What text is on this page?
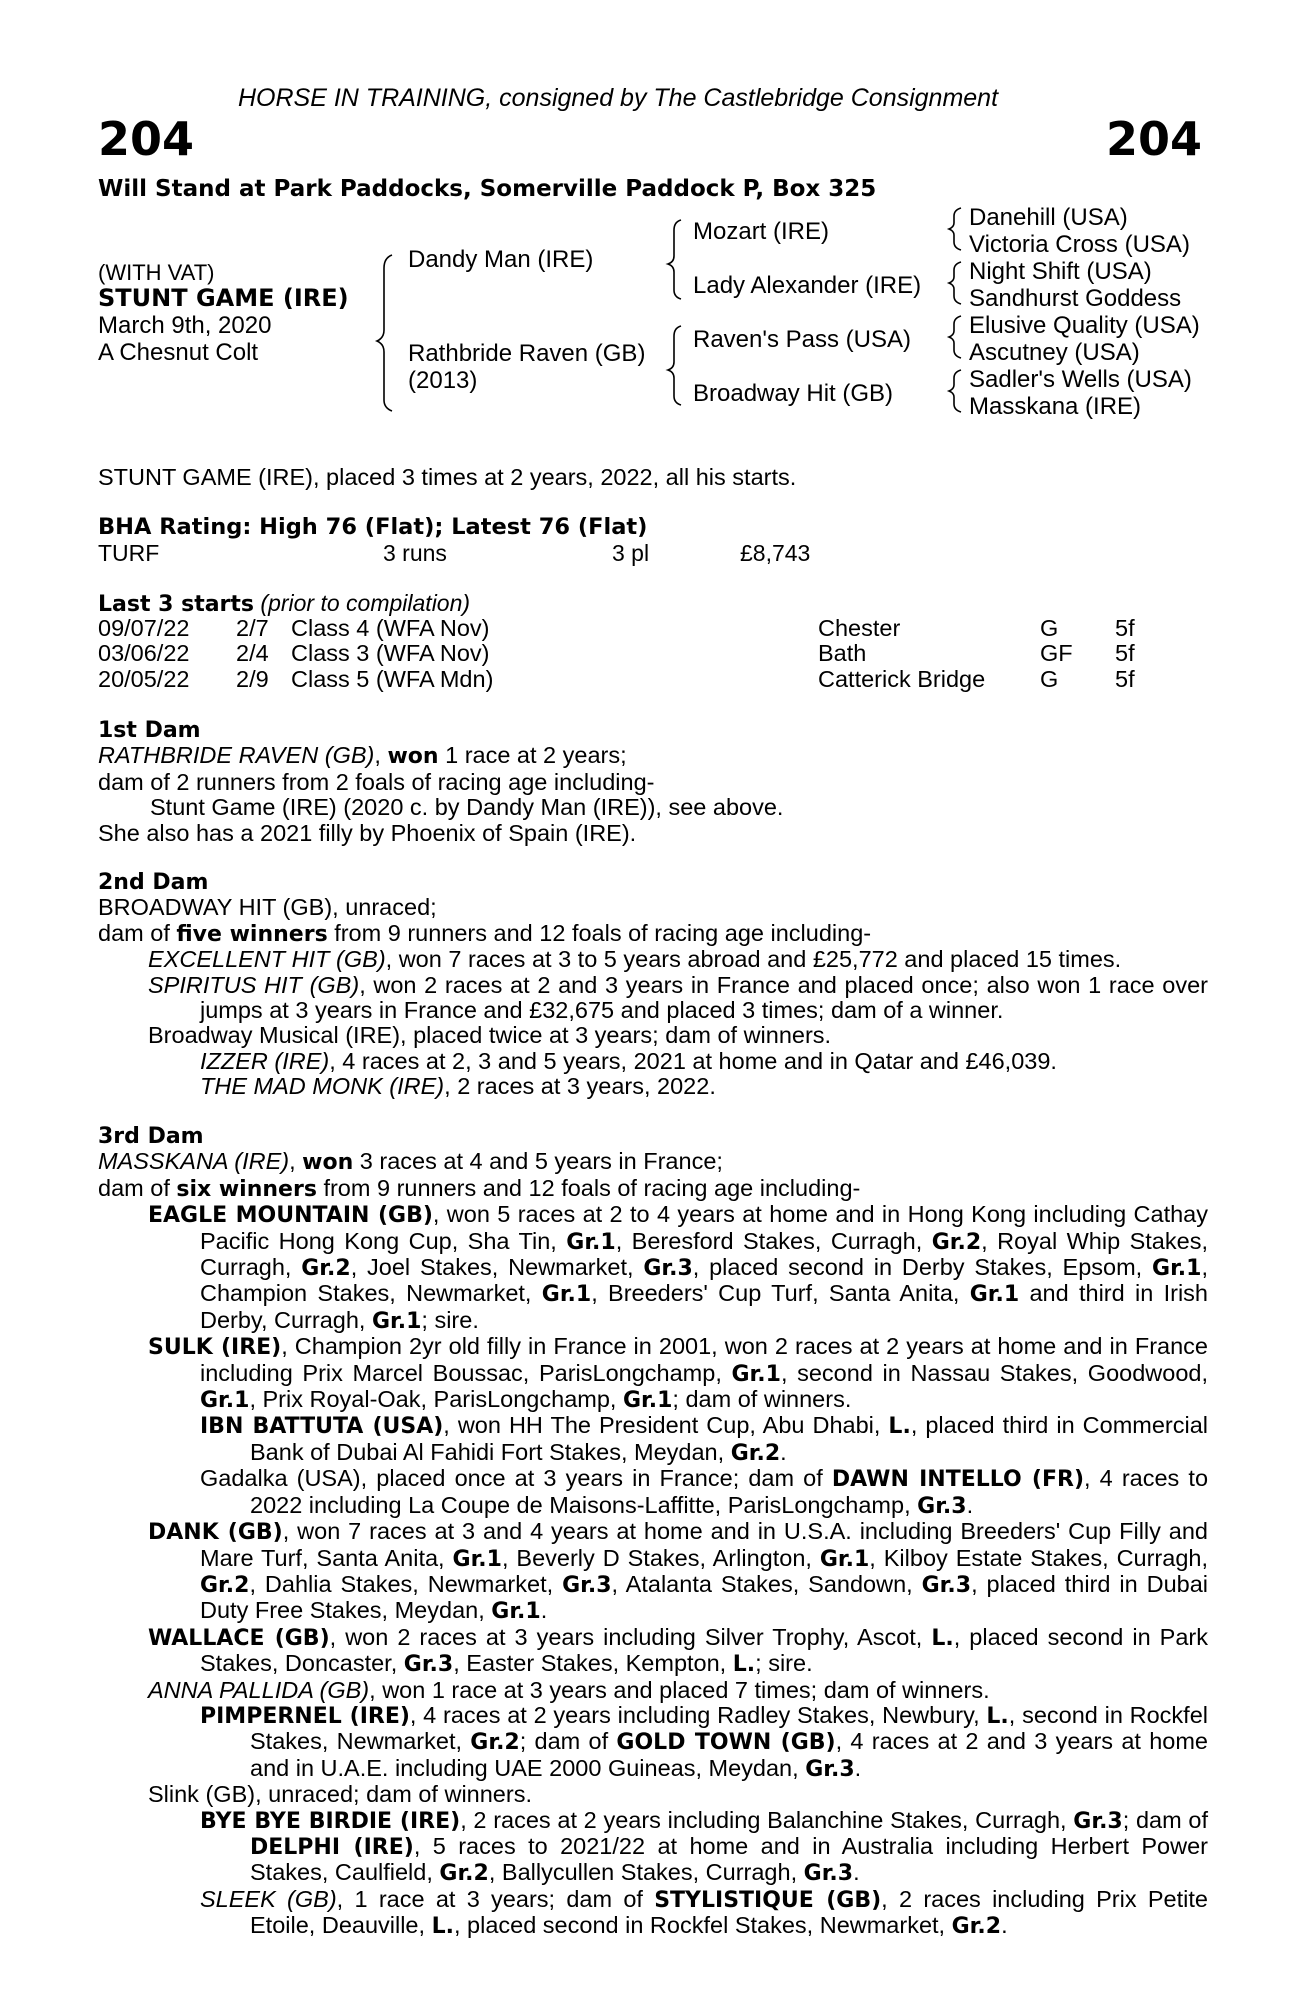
HORSE IN TRAINING, consigned by The Castlebridge Consignment
204	204
Will Stand at Park Paddocks, Somerville Paddock P, Box 325
(WITH VAT)
STUNT GAME (IRE)
March 9th, 2020
A Chesnut Colt
Dandy Man (IRE)
Rathbride Raven (GB)
(2013)
Mozart (IRE)
Lady Alexander (IRE)
Raven's Pass (USA)
Broadway Hit (GB)
Danehill (USA)
Victoria Cross (USA)
Night Shift (USA)
Sandhurst Goddess
Elusive Quality (USA)
Ascutney (USA)
Sadler's Wells (USA)
Masskana (IRE)
STUNT GAME (IRE), placed 3 times at 2 years, 2022, all his starts.
BHA Rating: High 76 (Flat); Latest 76 (Flat)
TURF	3 runs	3 pl	£8,743
Last 3 starts (prior to compilation)
09/07/22 2/7 Class 4 (WFA Nov)	Chester	G 5f
03/06/22 2/4 Class 3 (WFA Nov)	Bath	GF 5f
20/05/22 2/9 Class 5 (WFA Mdn)	Catterick Bridge G 5f

1st Dam

RATHBRIDE RAVEN (GB), won 1 race at 2 years;

dam of 2 runners from 2 foals of racing age including-

Stunt Game (IRE) (2020 c. by Dandy Man (IRE)), see above.

She also has a 2021 filly by Phoenix of Spain (IRE).

2nd Dam

BROADWAY HIT (GB), unraced;

dam of five winners from 9 runners and 12 foals of racing age including-

EXCELLENT HIT (GB), won 7 races at 3 to 5 years abroad and £25,772 and placed 15 times.

SPIRITUS HIT (GB), won 2 races at 2 and 3 years in France and placed once; also won 1 race over jumps at 3 years in France and £32,675 and placed 3 times; dam of a winner.

Broadway Musical (IRE), placed twice at 3 years; dam of winners.

IZZER (IRE), 4 races at 2, 3 and 5 years, 2021 at home and in Qatar and £46,039.

THE MAD MONK (IRE), 2 races at 3 years, 2022.

3rd Dam

MASSKANA (IRE), won 3 races at 4 and 5 years in France;

dam of six winners from 9 runners and 12 foals of racing age including-

EAGLE MOUNTAIN (GB), won 5 races at 2 to 4 years at home and in Hong Kong including Cathay Pacific Hong Kong Cup, Sha Tin, Gr.1, Beresford Stakes, Curragh, Gr.2, Royal Whip Stakes, Curragh, Gr.2, Joel Stakes, Newmarket, Gr.3, placed second in Derby Stakes, Epsom, Gr.1, Champion Stakes, Newmarket, Gr.1, Breeders' Cup Turf, Santa Anita, Gr.1 and third in Irish Derby, Curragh, Gr.1; sire.

SULK (IRE), Champion 2yr old filly in France in 2001, won 2 races at 2 years at home and in France including Prix Marcel Boussac, ParisLongchamp, Gr.1, second in Nassau Stakes, Goodwood, Gr.1, Prix Royal-Oak, ParisLongchamp, Gr.1; dam of winners.

IBN BATTUTA (USA), won HH The President Cup, Abu Dhabi, L., placed third in Commercial Bank of Dubai Al Fahidi Fort Stakes, Meydan, Gr.2.

Gadalka (USA), placed once at 3 years in France; dam of DAWN INTELLO (FR), 4 races to 2022 including La Coupe de Maisons-Laffitte, ParisLongchamp, Gr.3.

DANK (GB), won 7 races at 3 and 4 years at home and in U.S.A. including Breeders' Cup Filly and Mare Turf, Santa Anita, Gr.1, Beverly D Stakes, Arlington, Gr.1, Kilboy Estate Stakes, Curragh, Gr.2, Dahlia Stakes, Newmarket, Gr.3, Atalanta Stakes, Sandown, Gr.3, placed third in Dubai Duty Free Stakes, Meydan, Gr.1.

WALLACE (GB), won 2 races at 3 years including Silver Trophy, Ascot, L., placed second in Park Stakes, Doncaster, Gr.3, Easter Stakes, Kempton, L.; sire.

ANNA PALLIDA (GB), won 1 race at 3 years and placed 7 times; dam of winners.

PIMPERNEL (IRE), 4 races at 2 years including Radley Stakes, Newbury, L., second in Rockfel Stakes, Newmarket, Gr.2; dam of GOLD TOWN (GB), 4 races at 2 and 3 years at home and in U.A.E. including UAE 2000 Guineas, Meydan, Gr.3.

Slink (GB), unraced; dam of winners.

BYE BYE BIRDIE (IRE), 2 races at 2 years including Balanchine Stakes, Curragh, Gr.3; dam of DELPHI (IRE), 5 races to 2021/22 at home and in Australia including Herbert Power Stakes, Caulfield, Gr.2, Ballycullen Stakes, Curragh, Gr.3.

SLEEK (GB), 1 race at 3 years; dam of STYLISTIQUE (GB), 2 races including Prix Petite Etoile, Deauville, L., placed second in Rockfel Stakes, Newmarket, Gr.2.
